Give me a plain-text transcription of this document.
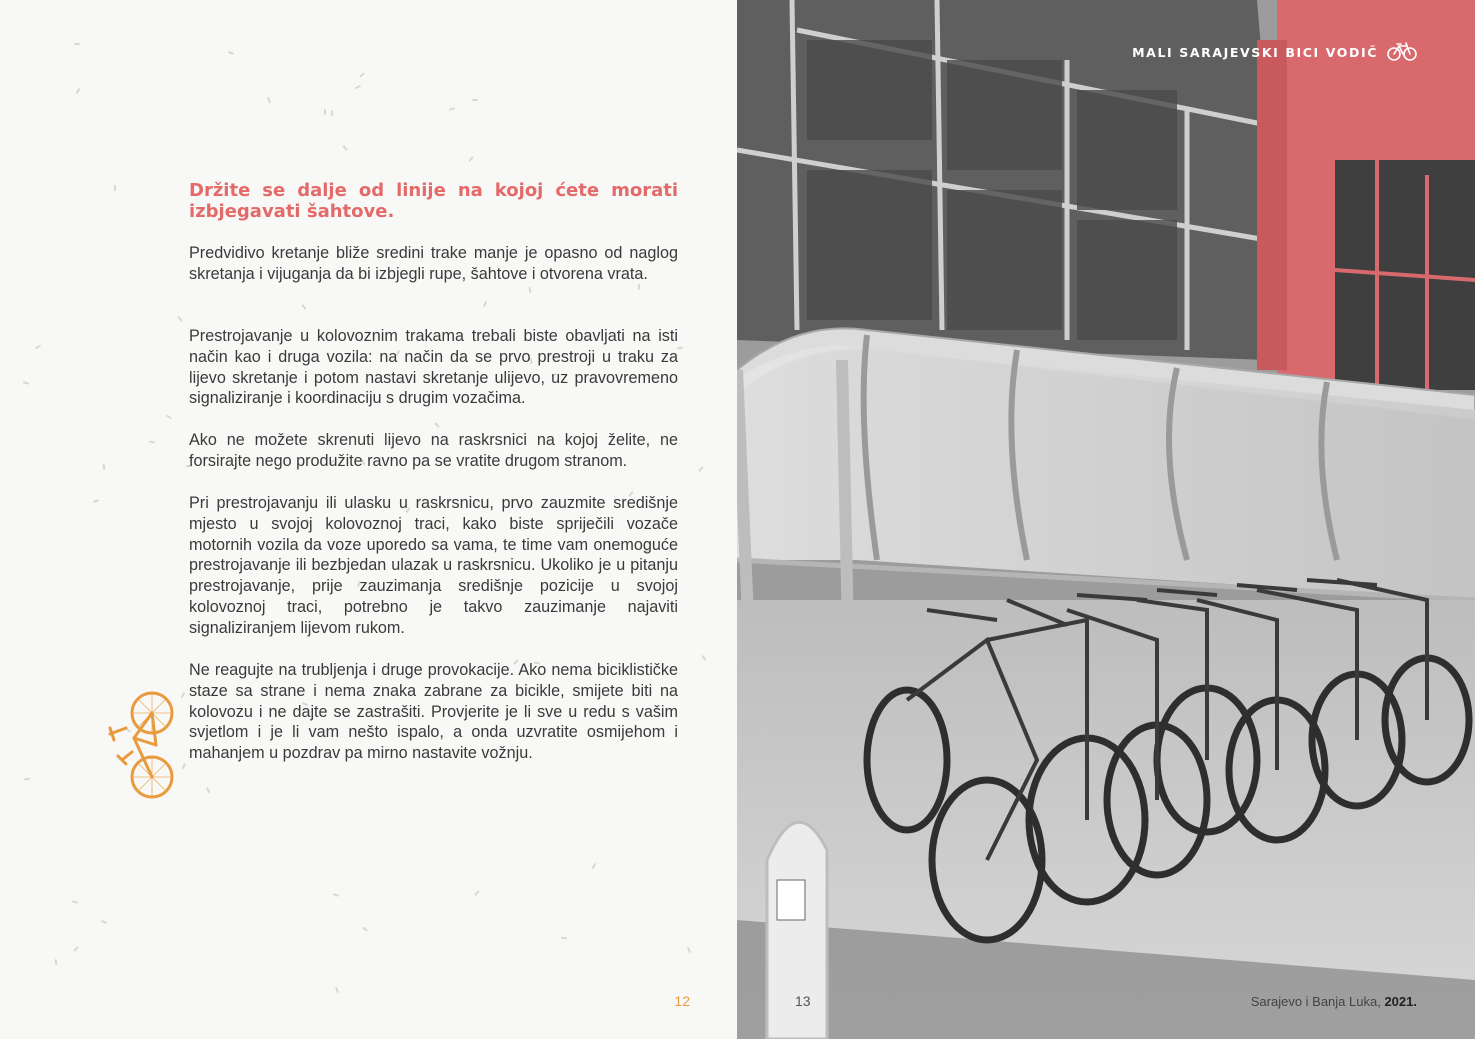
Držite se dalje od linije na kojoj ćete morati izbjegavati šahtove.

Predvidivo kretanje bliže sredini trake manje je opasno od naglog skretanja i vijuganja da bi izbjegli rupe, šahtove i otvorena vrata.

Prestrojavanje u kolovoznim trakama trebali biste obavljati na isti način kao i druga vozila: na način da se prvo prestroji u traku za lijevo skretanje i potom nastavi skretanje ulijevo, uz pravovremeno signaliziranje i koordinaciju s drugim vozačima.

Ako ne možete skrenuti lijevo na raskrsnici na kojoj želite, ne forsirajte nego produžite ravno pa se vratite drugom stranom.

Pri prestrojavanju ili ulasku u raskrsnicu, prvo zauzmite središnje mjesto u svojoj kolovoznoj traci, kako biste spriječili vozače motornih vozila da voze uporedo sa vama, te time vam onemoguće prestrojavanje ili bezbjedan ulazak u raskrsnicu. Ukoliko je u pitanju prestrojavanje, prije zauzimanja središnje pozicije u svojoj kolovoznoj traci, potrebno je takvo zauzimanje najaviti signaliziranjem lijevom rukom.

Ne reagujte na trubljenja i druge provokacije. Ako nema biciklističke staze sa strane i nema znaka zabrane za bicikle, smijete biti na kolovozu i ne dajte se zastrašiti. Provjerite je li sve u redu s vašim svjetlom i je li vam nešto ispalo, a onda uzvratite osmijehom i mahanjem u pozdrav pa mirno nastavite vožnju.

12
MALI SARAJEVSKI BICI VODIČ
13	Sarajevo i Banja Luka, 2021.
